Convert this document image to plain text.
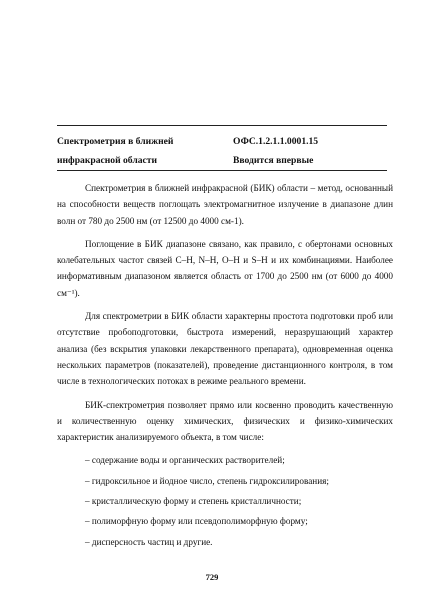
Спектрометрия в ближней
инфракрасной области
ОФС.1.2.1.1.0001.15
Вводится впервые

Спектрометрия в ближней инфракрасной (БИК) области – метод, основанный на способности веществ поглощать электромагнитное излучение в диапазоне длин волн от 780 до 2500 нм (от 12500 до 4000 см-1).

Поглощение в БИК диапазоне связано, как правило, с обертонами основных колебательных частот связей C–H, N–H, O–H и S–H и их комбинациями. Наиболее информативным диапазоном является область от 1700 до 2500 нм (от 6000 до 4000 см⁻¹).

Для спектрометрии в БИК области характерны простота подготовки проб или отсутствие пробоподготовки, быстрота измерений, неразрушающий характер анализа (без вскрытия упаковки лекарственного препарата), одновременная оценка нескольких параметров (показателей), проведение дистанционного контроля, в том числе в технологических потоках в режиме реального времени.

БИК-спектрометрия позволяет прямо или косвенно проводить качественную и количественную оценку химических, физических и физико-химических характеристик анализируемого объекта, в том числе:

– содержание воды и органических растворителей;
– гидроксильное и йодное число, степень гидроксилирования;
– кристаллическую форму и степень кристалличности;
– полиморфную форму или псевдополиморфную форму;
– дисперсность частиц и другие.
729
